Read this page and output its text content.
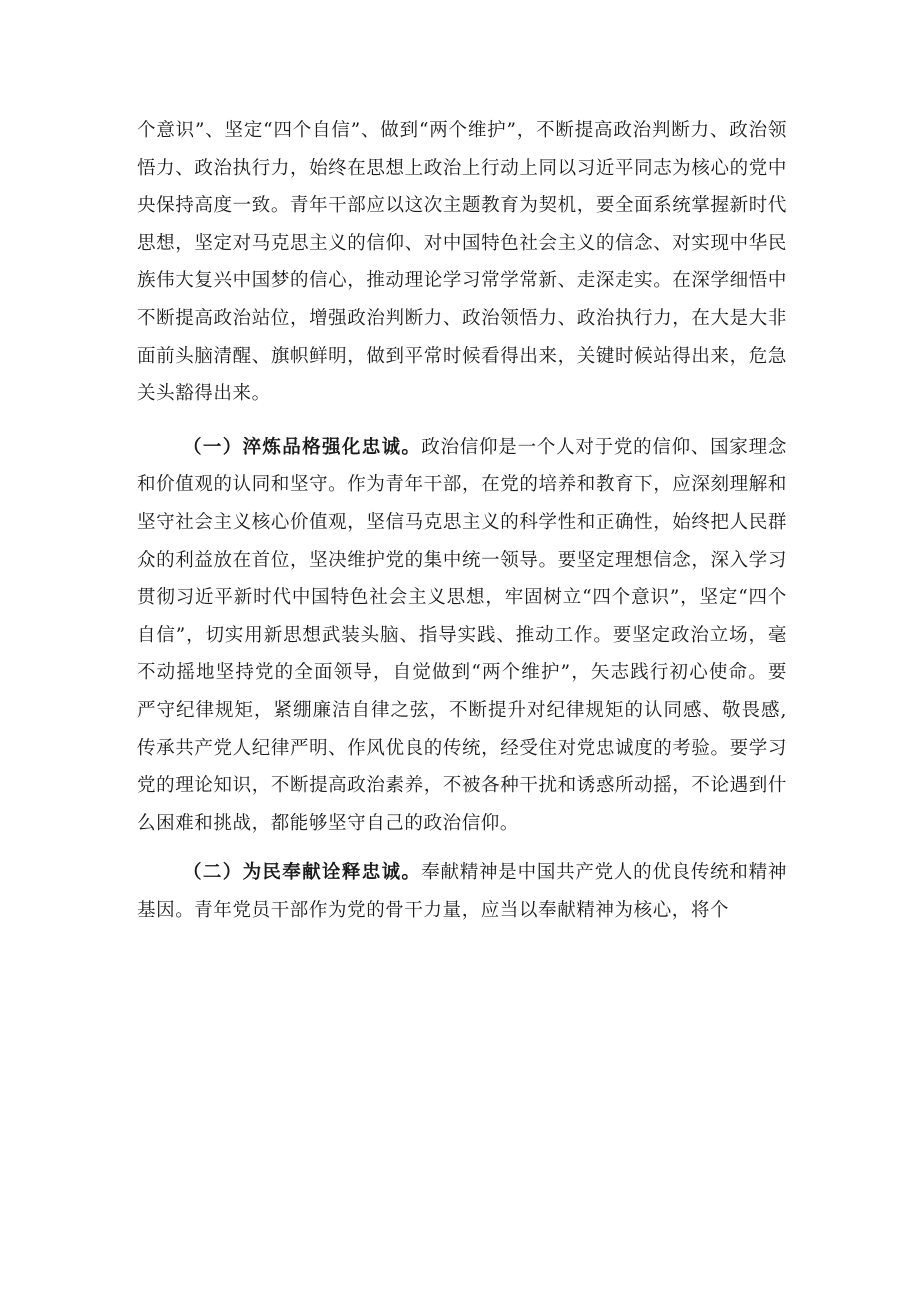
个意识”、坚定“四个自信”、做到“两个维护”，不断提高政治判断力、政治领悟力、政治执行力，始终在思想上政治上行动上同以习近平同志为核心的党中央保持高度一致。青年干部应以这次主题教育为契机，要全面系统掌握新时代思想，坚定对马克思主义的信仰、对中国特色社会主义的信念、对实现中华民族伟大复兴中国梦的信心，推动理论学习常学常新、走深走实。在深学细悟中不断提高政治站位，增强政治判断力、政治领悟力、政治执行力，在大是大非面前头脑清醒、旗帜鲜明，做到平常时候看得出来，关键时候站得出来，危急关头豁得出来。

（一）淬炼品格强化忠诚。政治信仰是一个人对于党的信仰、国家理念和价值观的认同和坚守。作为青年干部，在党的培养和教育下，应深刻理解和坚守社会主义核心价值观，坚信马克思主义的科学性和正确性，始终把人民群众的利益放在首位，坚决维护党的集中统一领导。要坚定理想信念，深入学习贯彻习近平新时代中国特色社会主义思想，牢固树立“四个意识”，坚定“四个自信”，切实用新思想武装头脑、指导实践、推动工作。要坚定政治立场，毫不动摇地坚持党的全面领导，自觉做到“两个维护”，矢志践行初心使命。要严守纪律规矩，紧绷廉洁自律之弦，不断提升对纪律规矩的认同感、敬畏感,传承共产党人纪律严明、作风优良的传统，经受住对党忠诚度的考验。要学习党的理论知识，不断提高政治素养，不被各种干扰和诱惑所动摇，不论遇到什么困难和挑战，都能够坚守自己的政治信仰。

（二）为民奉献诠释忠诚。奉献精神是中国共产党人的优良传统和精神基因。青年党员干部作为党的骨干力量，应当以奉献精神为核心，将个
